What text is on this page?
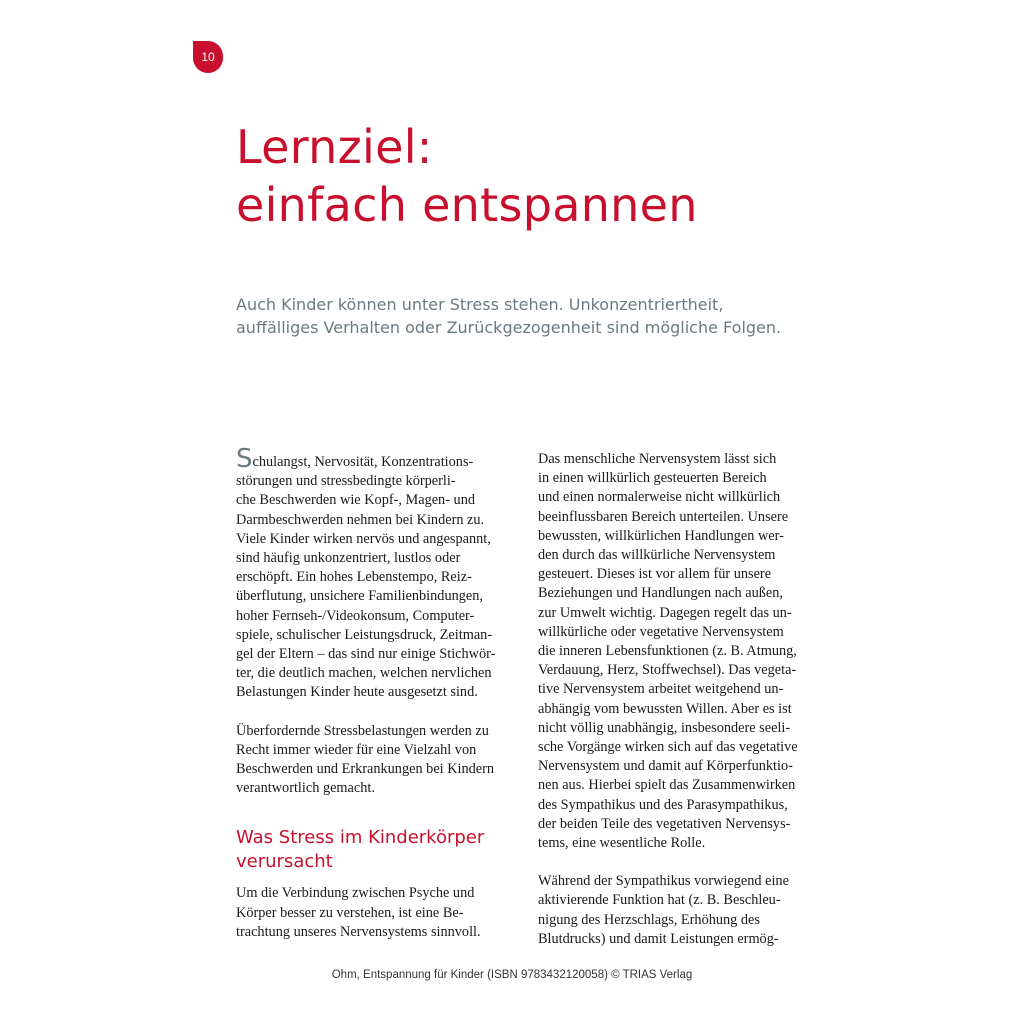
10
Lernziel:
einfach entspannen

Auch Kinder können unter Stress stehen. Unkonzentriertheit,
auffälliges Verhalten oder Zurückgezogenheit sind mögliche Folgen.

Schulangst, Nervosität, Konzentrations-
störungen und stressbedingte körperli-
che Beschwerden wie Kopf-, Magen- und
Darmbeschwerden nehmen bei Kindern zu.
Viele Kinder wirken nervös und angespannt,
sind häufig unkonzentriert, lustlos oder
erschöpft. Ein hohes Lebenstempo, Reiz-
überflutung, unsichere Familienbindungen,
hoher Fernseh-/Videokonsum, Computer-
spiele, schulischer Leistungsdruck, Zeitman-
gel der Eltern – das sind nur einige Stichwör-
ter, die deutlich machen, welchen nervlichen
Belastungen Kinder heute ausgesetzt sind.

Überfordernde Stressbelastungen werden zu
Recht immer wieder für eine Vielzahl von
Beschwerden und Erkrankungen bei Kindern
verantwortlich gemacht.

Was Stress im Kinderkörper
verursacht

Um die Verbindung zwischen Psyche und
Körper besser zu verstehen, ist eine Be-
trachtung unseres Nervensystems sinnvoll.

Das menschliche Nervensystem lässt sich
in einen willkürlich gesteuerten Bereich
und einen normalerweise nicht willkürlich
beeinflussbaren Bereich unterteilen. Unsere
bewussten, willkürlichen Handlungen wer-
den durch das willkürliche Nervensystem
gesteuert. Dieses ist vor allem für unsere
Beziehungen und Handlungen nach außen,
zur Umwelt wichtig. Dagegen regelt das un-
willkürliche oder vegetative Nervensystem
die inneren Lebensfunktionen (z. B. Atmung,
Verdauung, Herz, Stoffwechsel). Das vegeta-
tive Nervensystem arbeitet weitgehend un-
abhängig vom bewussten Willen. Aber es ist
nicht völlig unabhängig, insbesondere seeli-
sche Vorgänge wirken sich auf das vegetative
Nervensystem und damit auf Körperfunktio-
nen aus. Hierbei spielt das Zusammenwirken
des Sympathikus und des Parasympathikus,
der beiden Teile des vegetativen Nervensys-
tems, eine wesentliche Rolle.

Während der Sympathikus vorwiegend eine
aktivierende Funktion hat (z. B. Beschleu-
nigung des Herzschlags, Erhöhung des
Blutdrucks) und damit Leistungen ermög-

Ohm, Entspannung für Kinder (ISBN 9783432120058) © TRIAS Verlag
